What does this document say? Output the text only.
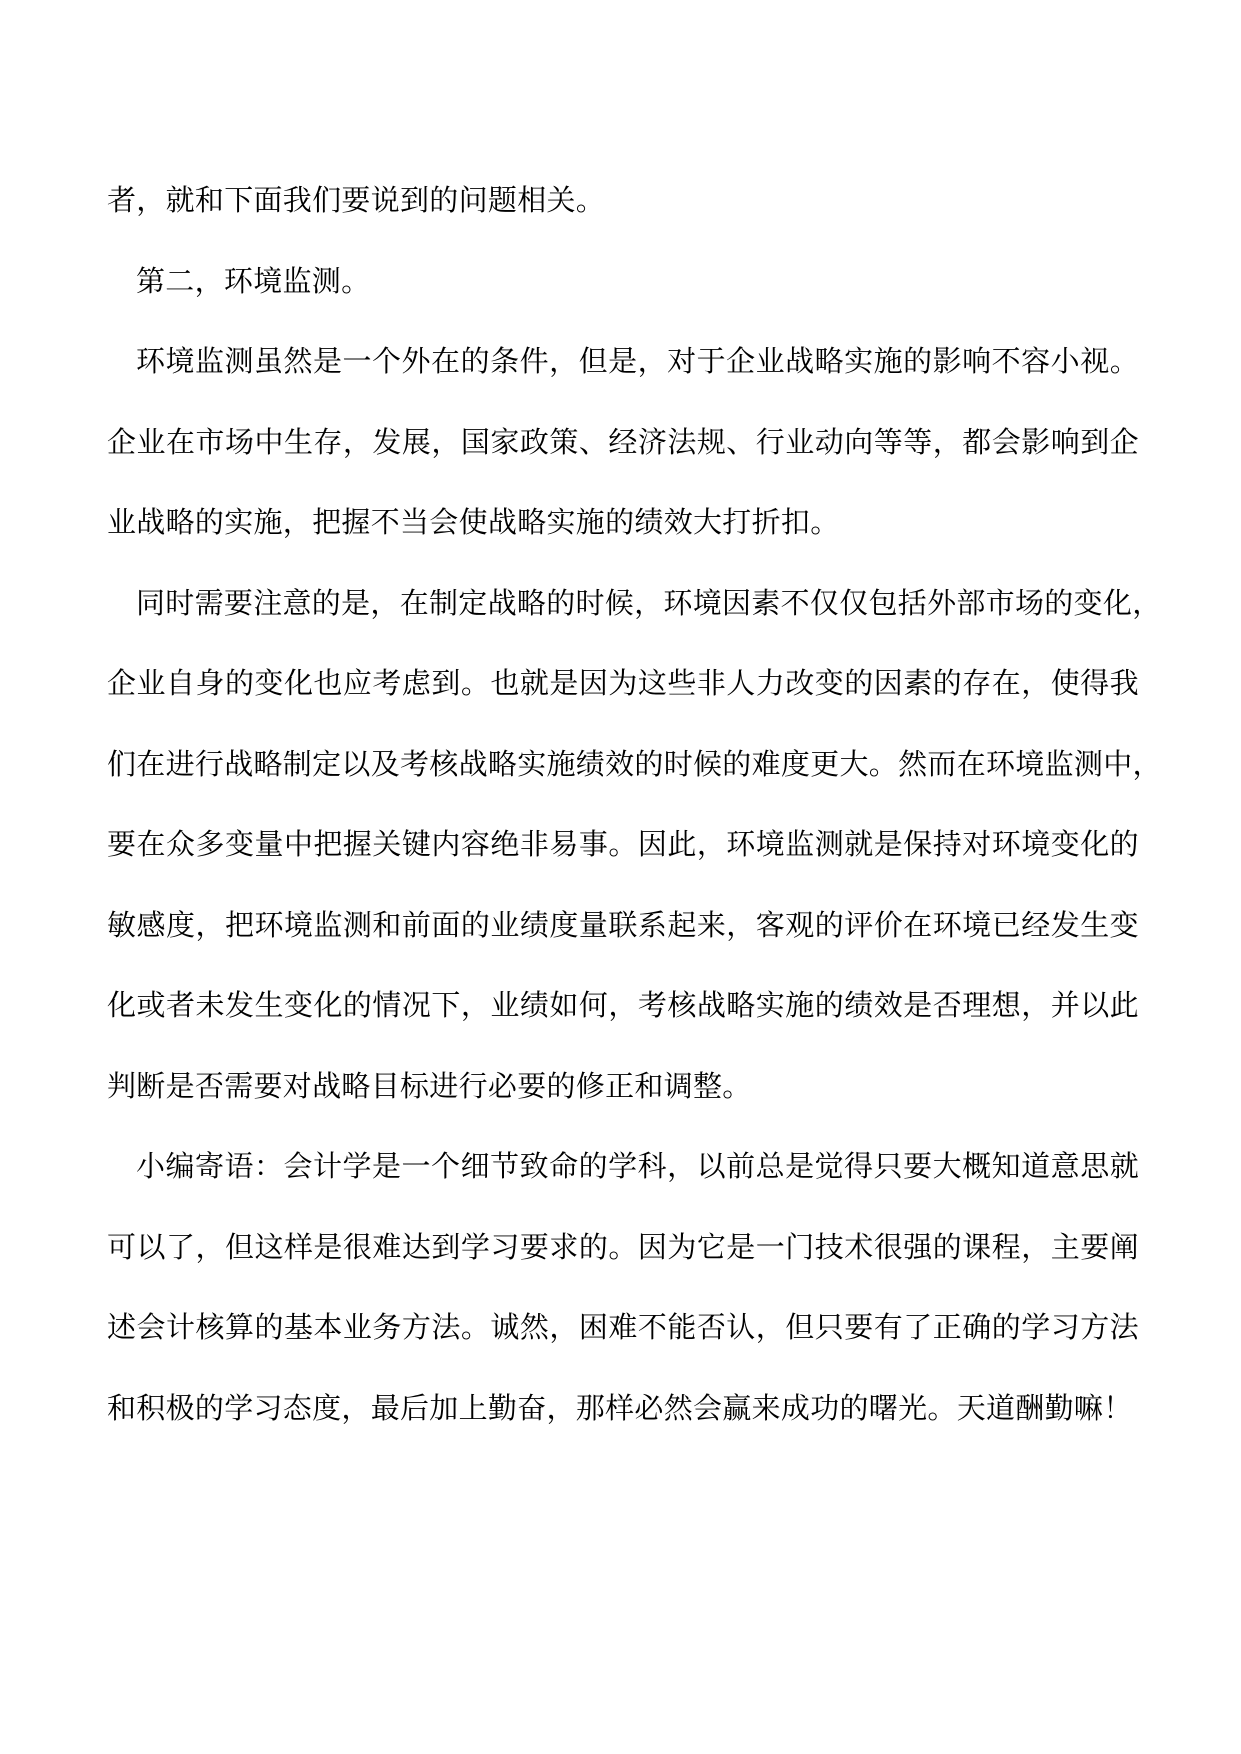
者，就和下面我们要说到的问题相关。

第二，环境监测。

环境监测虽然是一个外在的条件，但是，对于企业战略实施的影响不容小视。
企业在市场中生存，发展，国家政策、经济法规、行业动向等等，都会影响到企
业战略的实施，把握不当会使战略实施的绩效大打折扣。

同时需要注意的是，在制定战略的时候，环境因素不仅仅包括外部市场的变化，
企业自身的变化也应考虑到。也就是因为这些非人力改变的因素的存在，使得我
们在进行战略制定以及考核战略实施绩效的时候的难度更大。然而在环境监测中，
要在众多变量中把握关键内容绝非易事。因此，环境监测就是保持对环境变化的
敏感度，把环境监测和前面的业绩度量联系起来，客观的评价在环境已经发生变
化或者未发生变化的情况下，业绩如何，考核战略实施的绩效是否理想，并以此
判断是否需要对战略目标进行必要的修正和调整。

小编寄语：会计学是一个细节致命的学科，以前总是觉得只要大概知道意思就
可以了，但这样是很难达到学习要求的。因为它是一门技术很强的课程，主要阐
述会计核算的基本业务方法。诚然，困难不能否认，但只要有了正确的学习方法
和积极的学习态度，最后加上勤奋，那样必然会赢来成功的曙光。天道酬勤嘛！
